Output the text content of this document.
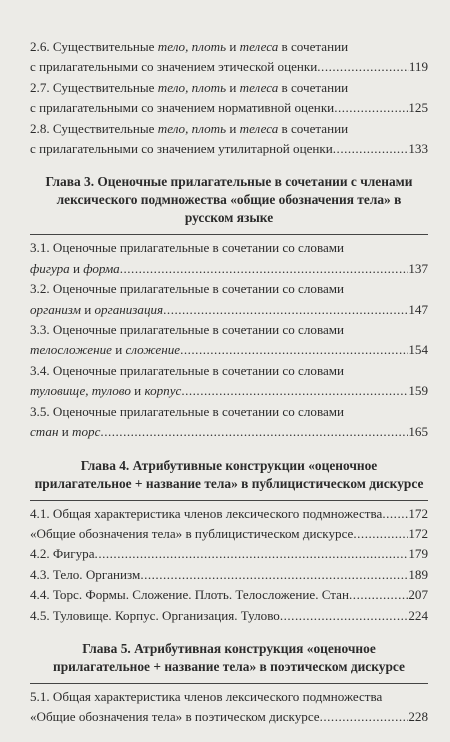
2.6. Существительные тело, плоть и телеса в сочетании
с прилагательными со значением этической оценки .....	119
2.7. Существительные тело, плоть и телеса в сочетании
с прилагательными со значением нормативной оценки .....	125
2.8. Существительные тело, плоть и телеса в сочетании
с прилагательными со значением утилитарной оценки .....	133
Глава 3. Оценочные прилагательные в сочетании с членами лексического подмножества «общие обозначения тела» в русском языке
3.1. Оценочные прилагательные в сочетании со словами
фигура и форма .....	137
3.2. Оценочные прилагательные в сочетании со словами
организм и организация .....	147
3.3. Оценочные прилагательные в сочетании со словами
телосложение и сложение .....	154
3.4. Оценочные прилагательные в сочетании со словами
туловище, тулово и корпус .....	159
3.5. Оценочные прилагательные в сочетании со словами
стан и торс .....	165
Глава 4. Атрибутивные конструкции «оценочное прилагательное + название тела» в публицистическом дискурсе
4.1. Общая характеристика членов лексического подмножества ..... 172
«Общие обозначения тела» в публицистическом дискурсе .....	172
4.2. Фигура .....	179
4.3. Тело. Организм .....	189
4.4. Торс. Формы. Сложение. Плоть. Телосложение. Стан .....	207
4.5. Туловище. Корпус. Организация. Тулово .....	224
Глава 5. Атрибутивная конструкция «оценочное прилагательное + название тела» в поэтическом дискурсе
5.1. Общая характеристика членов лексического подмножества
«Общие обозначения тела» в поэтическом дискурсе .....	228
